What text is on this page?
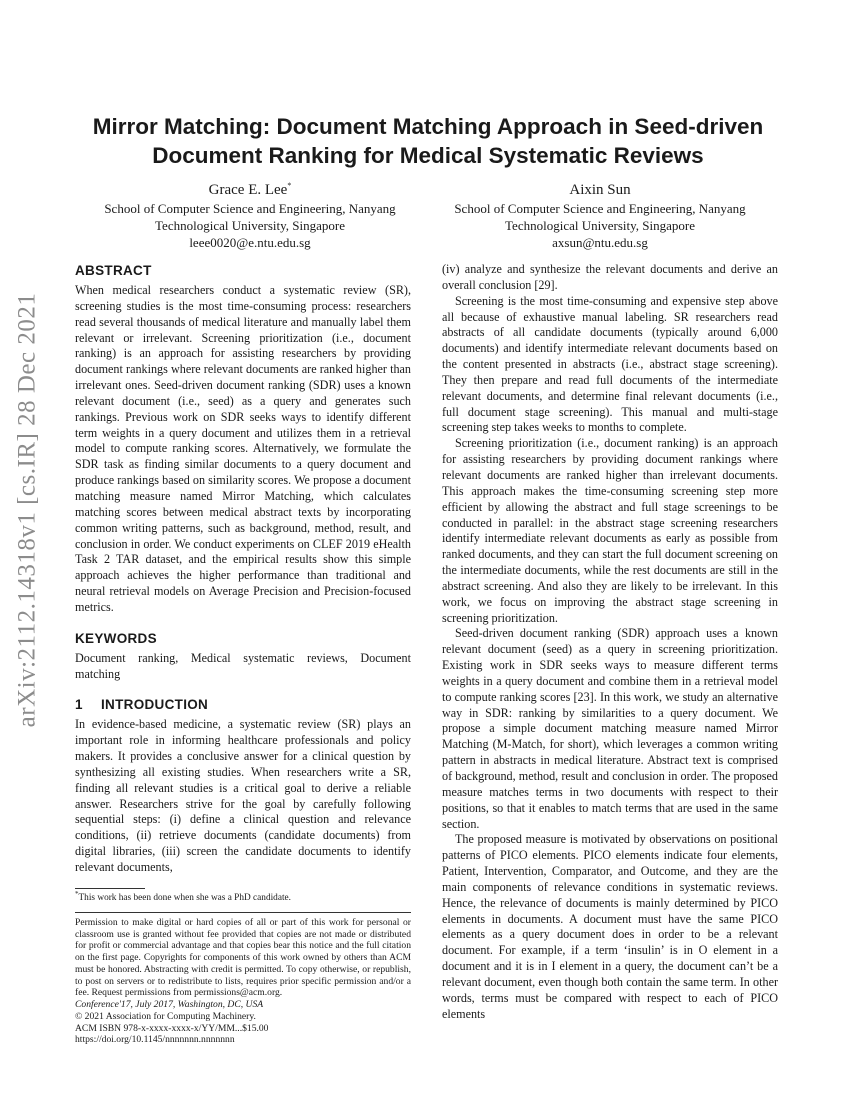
arXiv:2112.14318v1 [cs.IR] 28 Dec 2021
Mirror Matching: Document Matching Approach in Seed-driven
Document Ranking for Medical Systematic Reviews
Grace E. Lee*
School of Computer Science and Engineering, Nanyang
Technological University, Singapore
leee0020@e.ntu.edu.sg
Aixin Sun
School of Computer Science and Engineering, Nanyang
Technological University, Singapore
axsun@ntu.edu.sg
ABSTRACT

When medical researchers conduct a systematic review (SR), screening studies is the most time-consuming process: researchers read several thousands of medical literature and manually label them relevant or irrelevant. Screening prioritization (i.e., document ranking) is an approach for assisting researchers by providing document rankings where relevant documents are ranked higher than irrelevant ones. Seed-driven document ranking (SDR) uses a known relevant document (i.e., seed) as a query and generates such rankings. Previous work on SDR seeks ways to identify different term weights in a query document and utilizes them in a retrieval model to compute ranking scores. Alternatively, we formulate the SDR task as finding similar documents to a query document and produce rankings based on similarity scores. We propose a document matching measure named Mirror Matching, which calculates matching scores between medical abstract texts by incorporating common writing patterns, such as background, method, result, and conclusion in order. We conduct experiments on CLEF 2019 eHealth Task 2 TAR dataset, and the empirical results show this simple approach achieves the higher performance than traditional and neural retrieval models on Average Precision and Precision-focused metrics.

KEYWORDS

Document ranking, Medical systematic reviews, Document matching

1 INTRODUCTION

In evidence-based medicine, a systematic review (SR) plays an important role in informing healthcare professionals and policy makers. It provides a conclusive answer for a clinical question by synthesizing all existing studies. When researchers write a SR, finding all relevant studies is a critical goal to derive a reliable answer. Researchers strive for the goal by carefully following sequential steps: (i) define a clinical question and relevance conditions, (ii) retrieve documents (candidate documents) from digital libraries, (iii) screen the candidate documents to identify relevant documents,

*This work has been done when she was a PhD candidate.

Permission to make digital or hard copies of all or part of this work for personal or classroom use is granted without fee provided that copies are not made or distributed for profit or commercial advantage and that copies bear this notice and the full citation on the first page. Copyrights for components of this work owned by others than ACM must be honored. Abstracting with credit is permitted. To copy otherwise, or republish, to post on servers or to redistribute to lists, requires prior specific permission and/or a fee. Request permissions from permissions@acm.org.

Conference'17, July 2017, Washington, DC, USA
© 2021 Association for Computing Machinery.
ACM ISBN 978-x-xxxx-xxxx-x/YY/MM...$15.00
https://doi.org/10.1145/nnnnnnn.nnnnnnn

(iv) analyze and synthesize the relevant documents and derive an overall conclusion [29].

Screening is the most time-consuming and expensive step above all because of exhaustive manual labeling. SR researchers read abstracts of all candidate documents (typically around 6,000 documents) and identify intermediate relevant documents based on the content presented in abstracts (i.e., abstract stage screening). They then prepare and read full documents of the intermediate relevant documents, and determine final relevant documents (i.e., full document stage screening). This manual and multi-stage screening step takes weeks to months to complete.

Screening prioritization (i.e., document ranking) is an approach for assisting researchers by providing document rankings where relevant documents are ranked higher than irrelevant documents. This approach makes the time-consuming screening step more efficient by allowing the abstract and full stage screenings to be conducted in parallel: in the abstract stage screening researchers identify intermediate relevant documents as early as possible from ranked documents, and they can start the full document screening on the intermediate documents, while the rest documents are still in the abstract screening. And also they are likely to be irrelevant. In this work, we focus on improving the abstract stage screening in screening prioritization.

Seed-driven document ranking (SDR) approach uses a known relevant document (seed) as a query in screening prioritization. Existing work in SDR seeks ways to measure different terms weights in a query document and combine them in a retrieval model to compute ranking scores [23]. In this work, we study an alternative way in SDR: ranking by similarities to a query document. We propose a simple document matching measure named Mirror Matching (M-Match, for short), which leverages a common writing pattern in abstracts in medical literature. Abstract text is comprised of background, method, result and conclusion in order. The proposed measure matches terms in two documents with respect to their positions, so that it enables to match terms that are used in the same section.

The proposed measure is motivated by observations on positional patterns of PICO elements. PICO elements indicate four elements, Patient, Intervention, Comparator, and Outcome, and they are the main components of relevance conditions in systematic reviews. Hence, the relevance of documents is mainly determined by PICO elements in documents. A document must have the same PICO elements as a query document does in order to be a relevant document. For example, if a term ‘insulin’ is in O element in a document and it is in I element in a query, the document can’t be a relevant document, even though both contain the same term. In other words, terms must be compared with respect to each of PICO elements
